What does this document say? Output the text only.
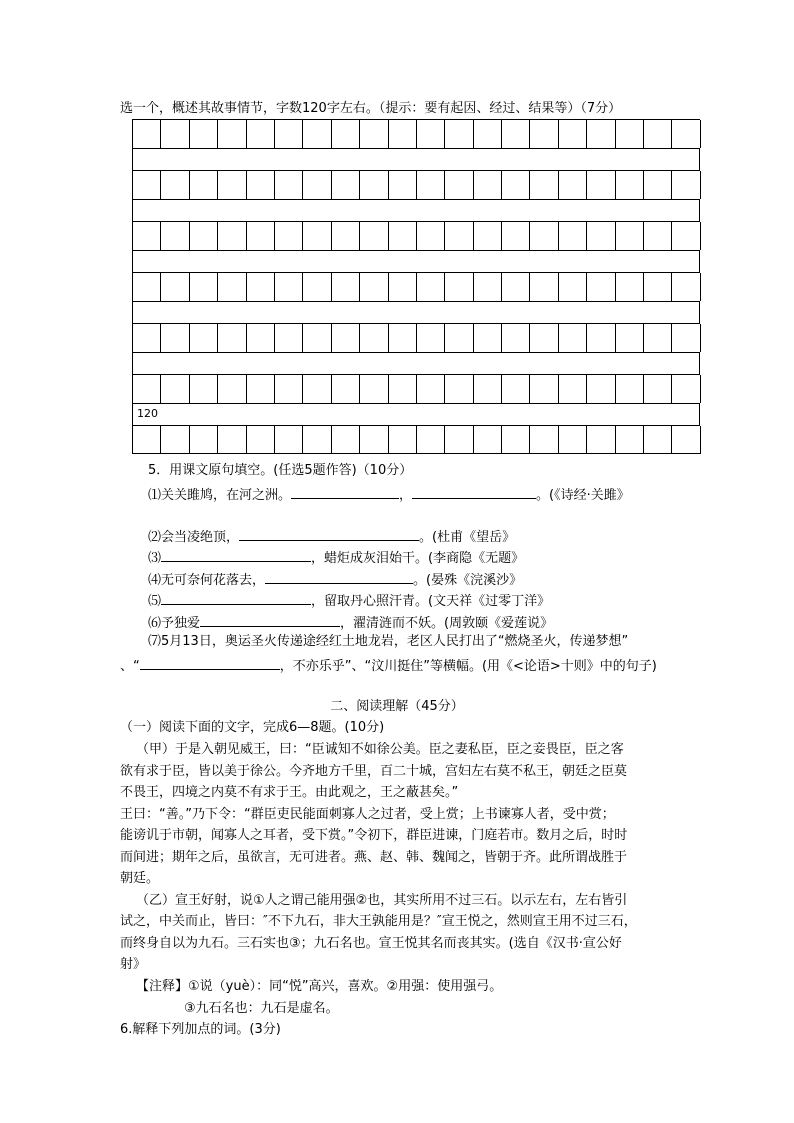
选一个，概述其故事情节，字数120字左右。（提示：要有起因、经过、结果等）（7分）
120
5．用课文原句填空。(任选5题作答)（10分）
⑴关关雎鸠，在河之洲。	，	。(《诗经·关雎》
⑵会当凌绝顶，	。(杜甫《望岳》
⑶	，蜡炬成灰泪始干。(李商隐《无题》
⑷无可奈何花落去，	。(晏殊《浣溪沙》
⑸	，留取丹心照汗青。(文天祥《过零丁洋》
⑹予独爱	，濯清涟而不妖。(周敦颐《爱莲说》
⑺5月13日，奥运圣火传递途经红土地龙岩，老区人民打出了“燃烧圣火，传递梦想”
、“	，不亦乐乎”、“汶川挺住”等横幅。(用《<论语>十则》中的句子)
二、阅读理解（45分）
（一）阅读下面的文字，完成6—8题。(10分)
（甲）于是入朝见威王，曰：“臣诚知不如徐公美。臣之妻私臣，臣之妾畏臣，臣之客
欲有求于臣，皆以美于徐公。今齐地方千里，百二十城，宫妇左右莫不私王，朝廷之臣莫
不畏王，四境之内莫不有求于王。由此观之，王之蔽甚矣。”
王曰：“善。”乃下令：“群臣吏民能面刺寡人之过者，受上赏；上书谏寡人者，受中赏；
能谤讥于市朝，闻寡人之耳者，受下赏。”令初下，群臣进谏，门庭若市。数月之后，时时
而间进；期年之后，虽欲言，无可进者。燕、赵、韩、魏闻之，皆朝于齐。此所谓战胜于
朝廷。
（乙）宣王好射，说①人之谓己能用强②也，其实所用不过三石。以示左右，左右皆引
试之，中关而止，皆曰：″不下九石，非大王孰能用是？″宣王悦之，然则宣王用不过三石，
而终身自以为九石。三石实也③；九石名也。宣王悦其名而丧其实。(选自《汉书·宣公好
射》
【注释】①说（yuè）：同“悦”高兴，喜欢。②用强：使用强弓。
③九石名也：九石是虚名。
6.解释下列加点的词。(3分)
